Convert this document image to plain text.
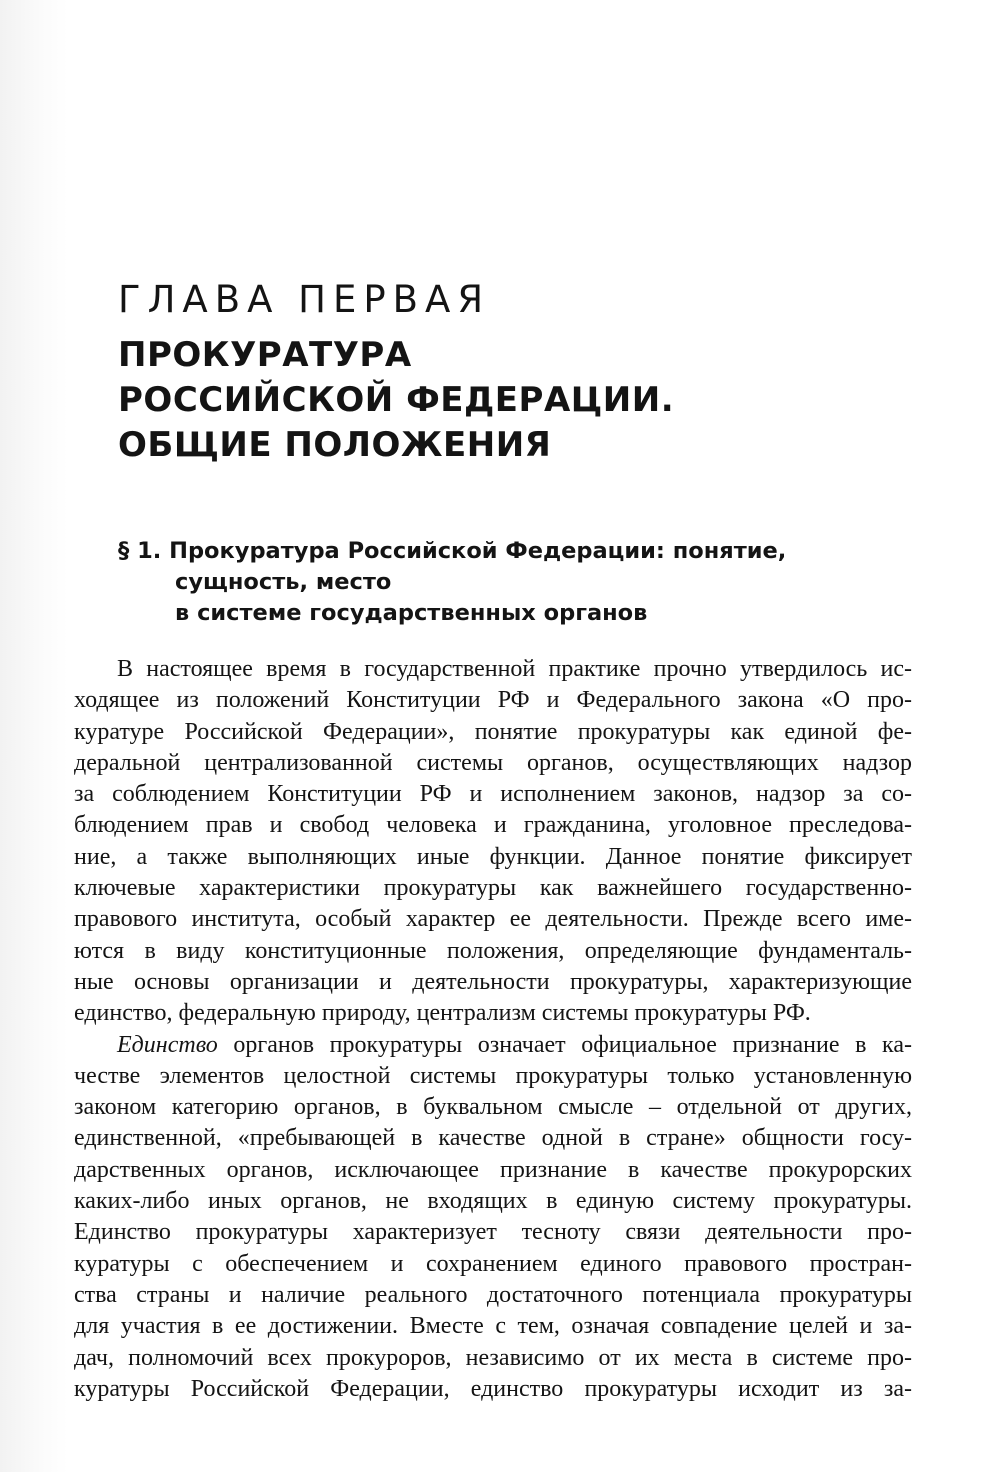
ГЛАВА ПЕРВАЯ
ПРОКУРАТУРА
РОССИЙСКОЙ ФЕДЕРАЦИИ.
ОБЩИЕ ПОЛОЖЕНИЯ
§ 1. Прокуратура Российской Федерации: понятие,
сущность, место
в системе государственных органов
В настоящее время в государственной практике прочно утвердилось ис-
ходящее из положений Конституции РФ и Федерального закона «О про-
куратуре Российской Федерации», понятие прокуратуры как единой фе-
деральной централизованной системы органов, осуществляющих надзор
за соблюдением Конституции РФ и исполнением законов, надзор за со-
блюдением прав и свобод человека и гражданина, уголовное преследова-
ние, а также выполняющих иные функции. Данное понятие фиксирует
ключевые характеристики прокуратуры как важнейшего государственно-
правового института, особый характер ее деятельности. Прежде всего име-
ются в виду конституционные положения, определяющие фундаменталь-
ные основы организации и деятельности прокуратуры, характеризующие
единство, федеральную природу, централизм системы прокуратуры РФ.
Единство органов прокуратуры означает официальное признание в ка-
честве элементов целостной системы прокуратуры только установленную
законом категорию органов, в буквальном смысле – отдельной от других,
единственной, «пребывающей в качестве одной в стране» общности госу-
дарственных органов, исключающее признание в качестве прокурорских
каких-либо иных органов, не входящих в единую систему прокуратуры.
Единство прокуратуры характеризует тесноту связи деятельности про-
куратуры с обеспечением и сохранением единого правового простран-
ства страны и наличие реального достаточного потенциала прокуратуры
для участия в ее достижении. Вместе с тем, означая совпадение целей и за-
дач, полномочий всех прокуроров, независимо от их места в системе про-
куратуры Российской Федерации, единство прокуратуры исходит из за-
